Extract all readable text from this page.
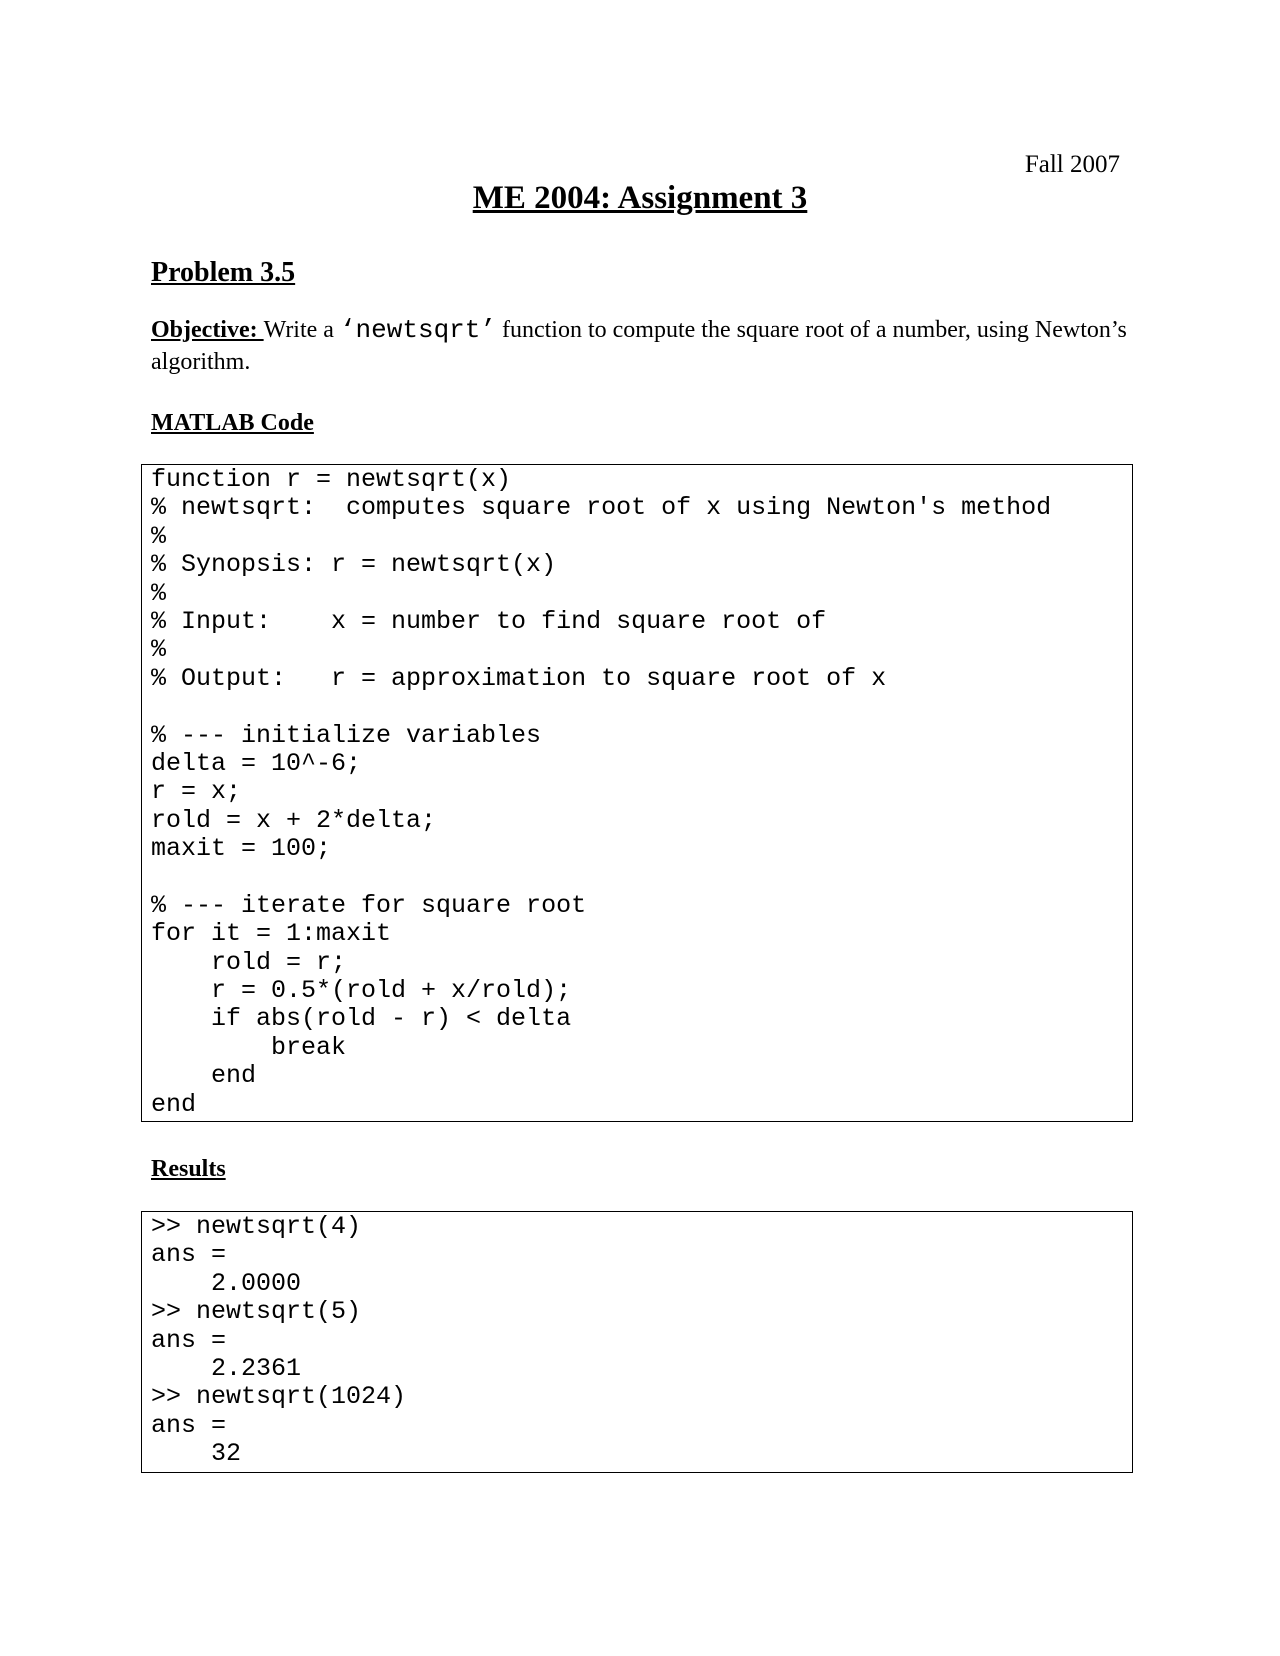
Fall 2007
ME 2004: Assignment 3
Problem 3.5
Objective: Write a ‘newtsqrt’ function to compute the square root of a number, using Newton’s algorithm.
MATLAB Code
function r = newtsqrt(x)
% newtsqrt:  computes square root of x using Newton's method
%
% Synopsis: r = newtsqrt(x)
%
% Input:    x = number to find square root of
%
% Output:   r = approximation to square root of x
% --- initialize variables
delta = 10^-6;
r = x;
rold = x + 2*delta;
maxit = 100;
% --- iterate for square root
for it = 1:maxit
rold = r;
r = 0.5*(rold + x/rold);
if abs(rold - r) < delta
break
end
end
Results
>> newtsqrt(4)
ans =
2.0000
>> newtsqrt(5)
ans =
2.2361
>> newtsqrt(1024)
ans =
32
